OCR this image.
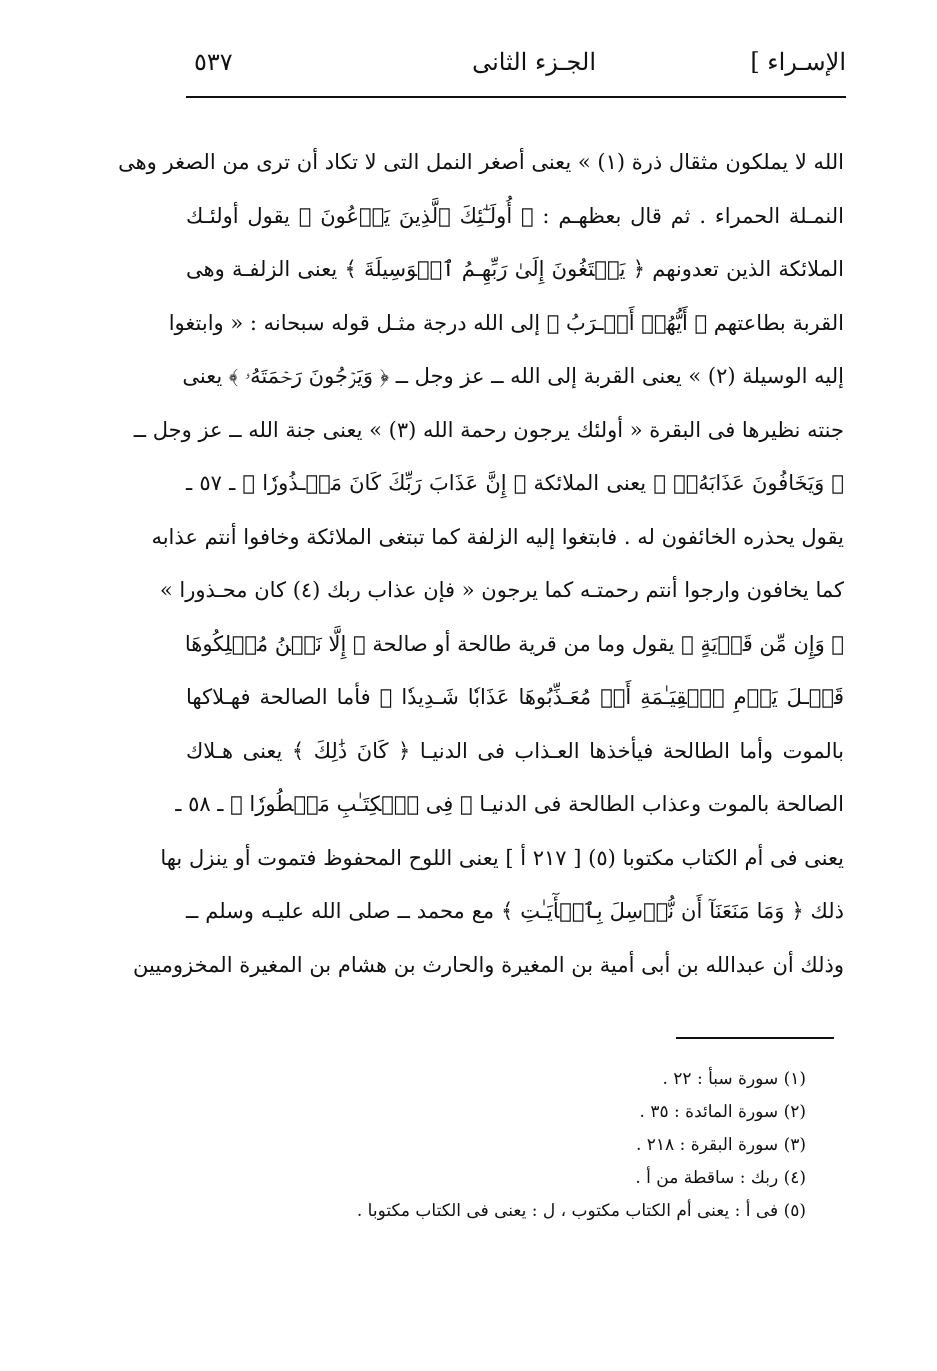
الإسـراء ]
الجـزء الثانى
٥٣٧
الله لا يملكون مثقال ذرة (١) » يعنى أصغر النمل التى لا تكاد أن ترى من الصغر وهى
النمـلة الحمراء . ثم قال بعظهـم : ﴿ أُولَـٰٓئِكَ ٱلَّذِينَ يَدۡعُونَ ﴾ يقول أولئـك
الملائكة الذين تعدونهم ﴿ يَبۡتَغُونَ إِلَىٰ رَبِّهِـمُ ٱلۡوَسِيلَةَ ﴾ يعنى الزلفـة وهى
القربة بطاعتهم ﴿ أَيُّهُمۡ أَقۡـرَبُ ﴾ إلى الله درجة مثـل قوله سبحانه : « وابتغوا
إليه الوسيلة (٢) » يعنى القربة إلى الله ــ عز وجل ــ ﴿ وَيَرۡجُونَ رَحۡمَتَهُۥ ﴾ يعنى
جنته نظيرها فى البقرة « أولئك يرجون رحمة الله (٣) » يعنى جنة الله ــ عز وجل ــ
﴿ وَيَخَافُونَ عَذَابَهُۥٓ ﴾ يعنى الملائكة ﴿ إِنَّ عَذَابَ رَبِّكَ كَانَ مَحۡـذُورٗا ﴾ ـ ٥٧ ـ
يقول يحذره الخائفون له . فابتغوا إليه الزلفة كما تبتغى الملائكة وخافوا أنتم عذابه
كما يخافون وارجوا أنتم رحمتـه كما يرجون « فإن عذاب ربك (٤) كان محـذورا »
﴿ وَإِن مِّن قَرۡيَةٍ ﴾ يقول وما من قرية طالحة أو صالحة ﴿ إِلَّا نَحۡنُ مُهۡلِكُوهَا
قَبۡـلَ يَوۡمِ ٱلۡقِيَـٰمَةِ أَوۡ مُعَـذِّبُوهَا عَذَابٗا شَـدِيدٗا ﴾ فأما الصالحة فهـلاكها
بالموت وأما الطالحة فيأخذها العـذاب فى الدنيـا ﴿ كَانَ ذَٰلِكَ ﴾ يعنى هـلاك
الصالحة بالموت وعذاب الطالحة فى الدنيـا ﴿ فِى ٱلۡكِتَـٰبِ مَسۡطُورٗا ﴾ ـ ٥٨ ـ
يعنى فى أم الكتاب مكتوبا (٥) [ ٢١٧ أ ] يعنى اللوح المحفوظ فتموت أو ينزل بها
ذلك ﴿ وَمَا مَنَعَنَآ أَن نُّرۡسِلَ بِٱلۡأٓيَـٰتِ ﴾ مع محمد ــ صلى الله عليـه وسلم ــ
وذلك أن عبدالله بن أبى أمية بن المغيرة والحارث بن هشام بن المغيرة المخزوميين
(١) سورة سبأ : ٢٢ .
(٢) سورة المائدة : ٣٥ .
(٣) سورة البقرة : ٢١٨ .
(٤) ربك : ساقطة من أ .
(٥) فى أ : يعنى أم الكتاب مكتوب ، ل : يعنى فى الكتاب مكتوبا .
